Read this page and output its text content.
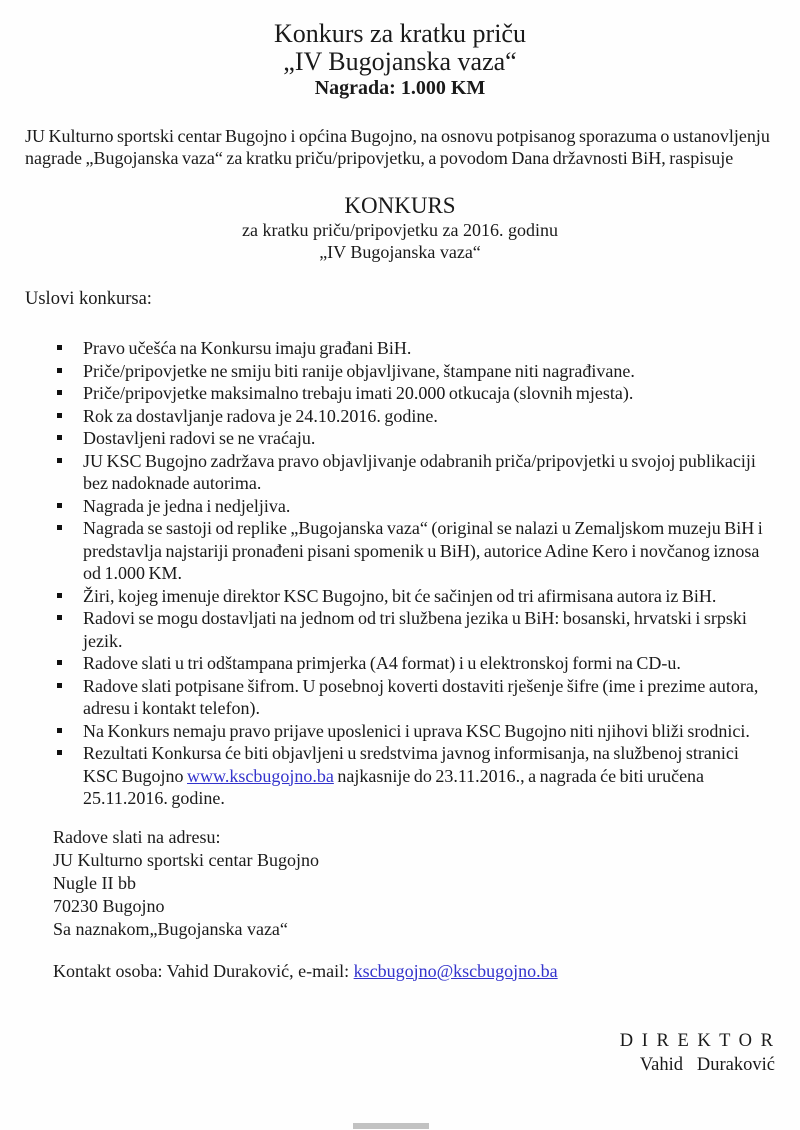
Konkurs za kratku priču

„IV Bugojanska vaza“

Nagrada: 1.000 KM

JU Kulturno sportski centar Bugojno i općina Bugojno, na osnovu potpisanog sporazuma o ustanovljenju nagrade „Bugojanska vaza“ za kratku priču/pripovjetku, a povodom Dana državnosti BiH, raspisuje

KONKURS

za kratku priču/pripovjetku za 2016. godinu

„IV Bugojanska vaza“

Uslovi konkursa:

Pravo učešća na Konkursu imaju građani BiH.
Priče/pripovjetke ne smiju biti ranije objavljivane, štampane niti nagrađivane.
Priče/pripovjetke maksimalno trebaju imati 20.000 otkucaja (slovnih mjesta).
Rok za dostavljanje radova je 24.10.2016. godine.
Dostavljeni radovi se ne vraćaju.
JU KSC Bugojno zadržava pravo objavljivanje odabranih priča/pripovjetki u svojoj publikaciji bez nadoknade autorima.
Nagrada je jedna i nedjeljiva.
Nagrada se sastoji od replike „Bugojanska vaza“ (original se nalazi u Zemaljskom muzeju BiH i predstavlja najstariji pronađeni pisani spomenik u BiH), autorice Adine Kero i novčanog iznosa od 1.000 KM.
Žiri, kojeg imenuje direktor KSC Bugojno, bit će sačinjen od tri afirmisana autora iz BiH.
Radovi se mogu dostavljati na jednom od tri službena jezika u BiH: bosanski, hrvatski i srpski jezik.
Radove slati u tri odštampana primjerka (A4 format) i u elektronskoj formi na CD-u.
Radove slati potpisane šifrom. U posebnoj koverti dostaviti rješenje šifre (ime i prezime autora, adresu i kontakt telefon).
Na Konkurs nemaju pravo prijave uposlenici i uprava KSC Bugojno niti njihovi bliži srodnici.
Rezultati Konkursa će biti objavljeni u sredstvima javnog informisanja, na službenoj stranici KSC Bugojno www.kscbugojno.ba najkasnije do 23.11.2016., a nagrada će biti uručena 25.11.2016. godine.
Radove slati na adresu:
JU Kulturno sportski centar Bugojno
Nugle II bb
70230 Bugojno
Sa naznakom„Bugojanska vaza“

Kontakt osoba: Vahid Duraković, e-mail: kscbugojno@kscbugojno.ba

D I R E K T O R
Vahid   Duraković
